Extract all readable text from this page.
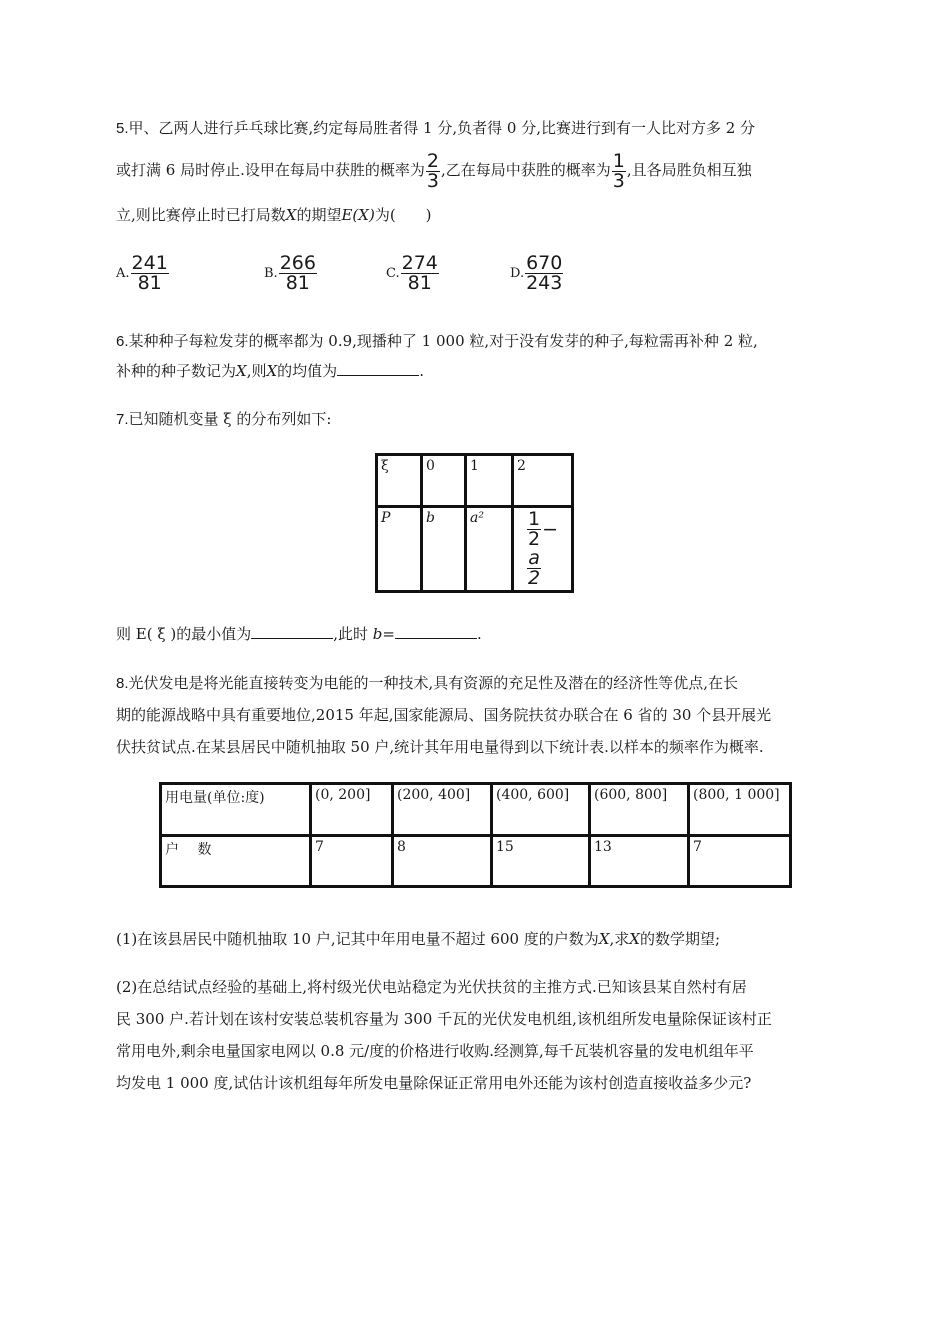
5.甲、乙两人进行乒乓球比赛,约定每局胜者得 1 分,负者得 0 分,比赛进行到有一人比对方多 2 分
或打满 6 局时停止.设甲在每局中获胜的概率为 $\frac{2}{3}$ ,乙在每局中获胜的概率为 $\frac{1}{3}$ ,且各局胜负相互独
立,则比赛停止时已打局数X的期望E(X)为(　　)
A. $\frac{241}{81}$	B. $\frac{266}{81}$	C. $\frac{274}{81}$	D. $\frac{670}{243}$
6.某种种子每粒发芽的概率都为 0.9,现播种了 1 000 粒,对于没有发芽的种子,每粒需再补种 2 粒,
补种的种子数记为X,则X的均值为	.
7.已知随机变量 ξ 的分布列如下:
ξ	0	1	2
P	b	a²	$\frac{1}{2}$ −
$\frac{a}{2}$
则 E( ξ )的最小值为	,此时 b=	.
8.光伏发电是将光能直接转变为电能的一种技术,具有资源的充足性及潜在的经济性等优点,在长
期的能源战略中具有重要地位,2015 年起,国家能源局、国务院扶贫办联合在 6 省的 30 个县开展光
伏扶贫试点.在某县居民中随机抽取 50 户,统计其年用电量得到以下统计表.以样本的频率作为概率.
用电量(单位:度)	(0, 200]	(200, 400]	(400, 600]	(600, 800]	(800, 1 000]
户　 数	7	8	15	13	7
(1)在该县居民中随机抽取 10 户,记其中年用电量不超过 600 度的户数为X,求X的数学期望;
(2)在总结试点经验的基础上,将村级光伏电站稳定为光伏扶贫的主推方式.已知该县某自然村有居
民 300 户.若计划在该村安装总装机容量为 300 千瓦的光伏发电机组,该机组所发电量除保证该村正
常用电外,剩余电量国家电网以 0.8 元/度的价格进行收购.经测算,每千瓦装机容量的发电机组年平
均发电 1 000 度,试估计该机组每年所发电量除保证正常用电外还能为该村创造直接收益多少元?
